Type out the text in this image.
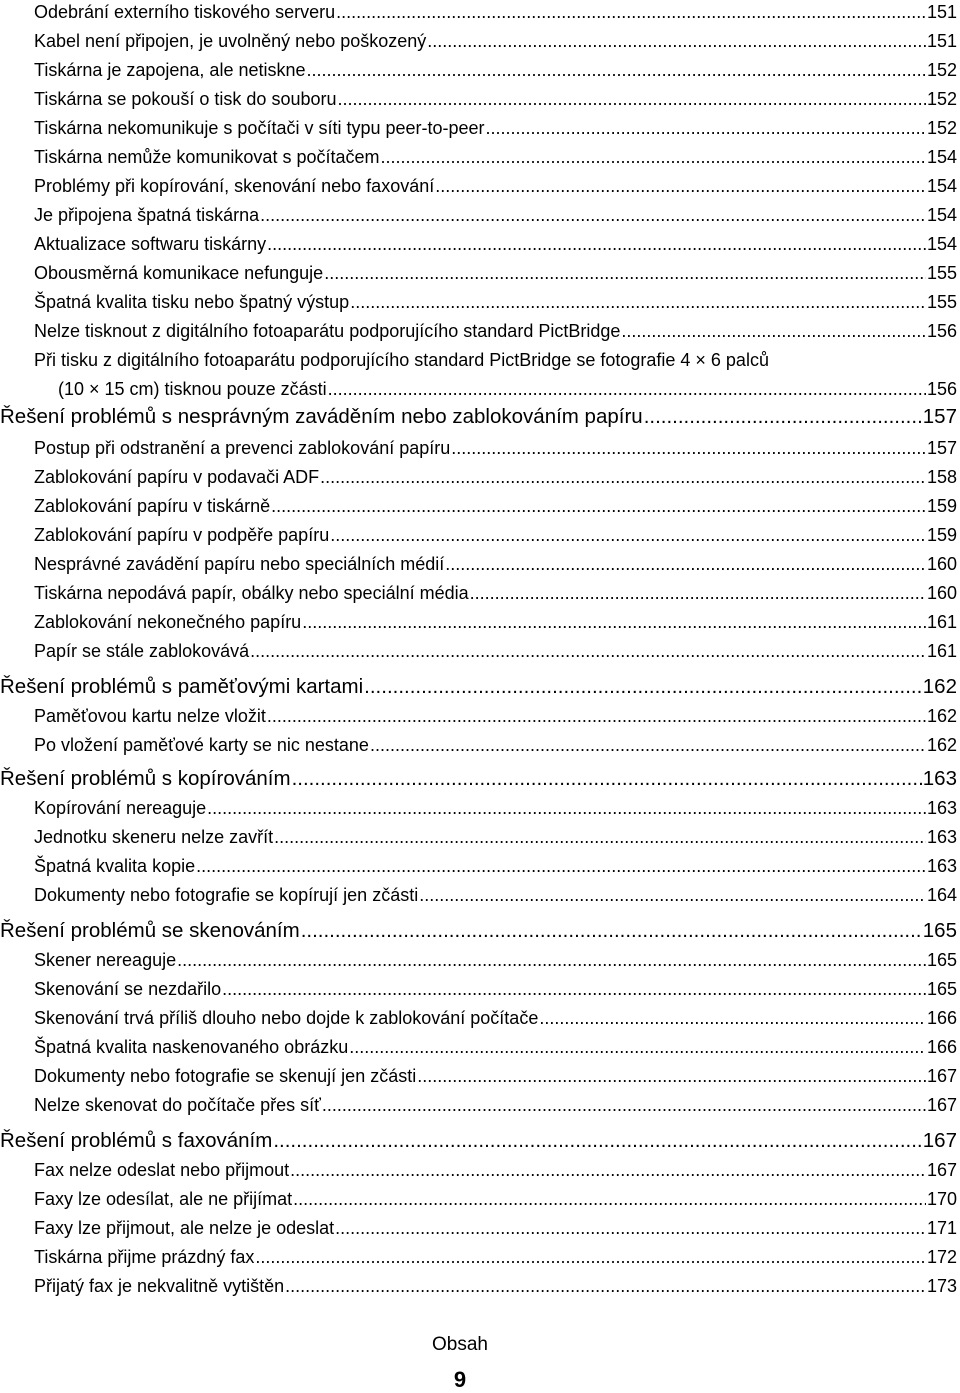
Odebrání externího tiskového serveru .....	151
Kabel není připojen, je uvolněný nebo poškozený .....	151
Tiskárna je zapojena, ale netiskne .....	152
Tiskárna se pokouší o tisk do souboru .....	152
Tiskárna nekomunikuje s počítači v síti typu peer-to-peer .....	152
Tiskárna nemůže komunikovat s počítačem .....	154
Problémy při kopírování, skenování nebo faxování .....	154
Je připojena špatná tiskárna .....	154
Aktualizace softwaru tiskárny .....	154
Obousměrná komunikace nefunguje .....	155
Špatná kvalita tisku nebo špatný výstup .....	155
Nelze tisknout z digitálního fotoaparátu podporujícího standard PictBridge .....	156
Při tisku z digitálního fotoaparátu podporujícího standard PictBridge se fotografie 4 × 6 palců
(10 × 15 cm) tisknou pouze zčásti .....	156
Řešení problémů s nesprávným zaváděním nebo zablokováním papíru .....	157
Postup při odstranění a prevenci zablokování papíru .....	157
Zablokování papíru v podavači ADF .....	158
Zablokování papíru v tiskárně .....	159
Zablokování papíru v podpěře papíru .....	159
Nesprávné zavádění papíru nebo speciálních médií .....	160
Tiskárna nepodává papír, obálky nebo speciální média .....	160
Zablokování nekonečného papíru .....	161
Papír se stále zablokovává .....	161
Řešení problémů s paměťovými kartami .....	162
Paměťovou kartu nelze vložit .....	162
Po vložení paměťové karty se nic nestane .....	162
Řešení problémů s kopírováním .....	163
Kopírování nereaguje .....	163
Jednotku skeneru nelze zavřít .....	163
Špatná kvalita kopie .....	163
Dokumenty nebo fotografie se kopírují jen zčásti .....	164
Řešení problémů se skenováním .....	165
Skener nereaguje .....	165
Skenování se nezdařilo .....	165
Skenování trvá příliš dlouho nebo dojde k zablokování počítače .....	166
Špatná kvalita naskenovaného obrázku .....	166
Dokumenty nebo fotografie se skenují jen zčásti .....	167
Nelze skenovat do počítače přes síť .....	167
Řešení problémů s faxováním .....	167
Fax nelze odeslat nebo přijmout .....	167
Faxy lze odesílat, ale ne přijímat .....	170
Faxy lze přijmout, ale nelze je odeslat .....	171
Tiskárna přijme prázdný fax .....	172
Přijatý fax je nekvalitně vytištěn .....	173
Obsah
9
